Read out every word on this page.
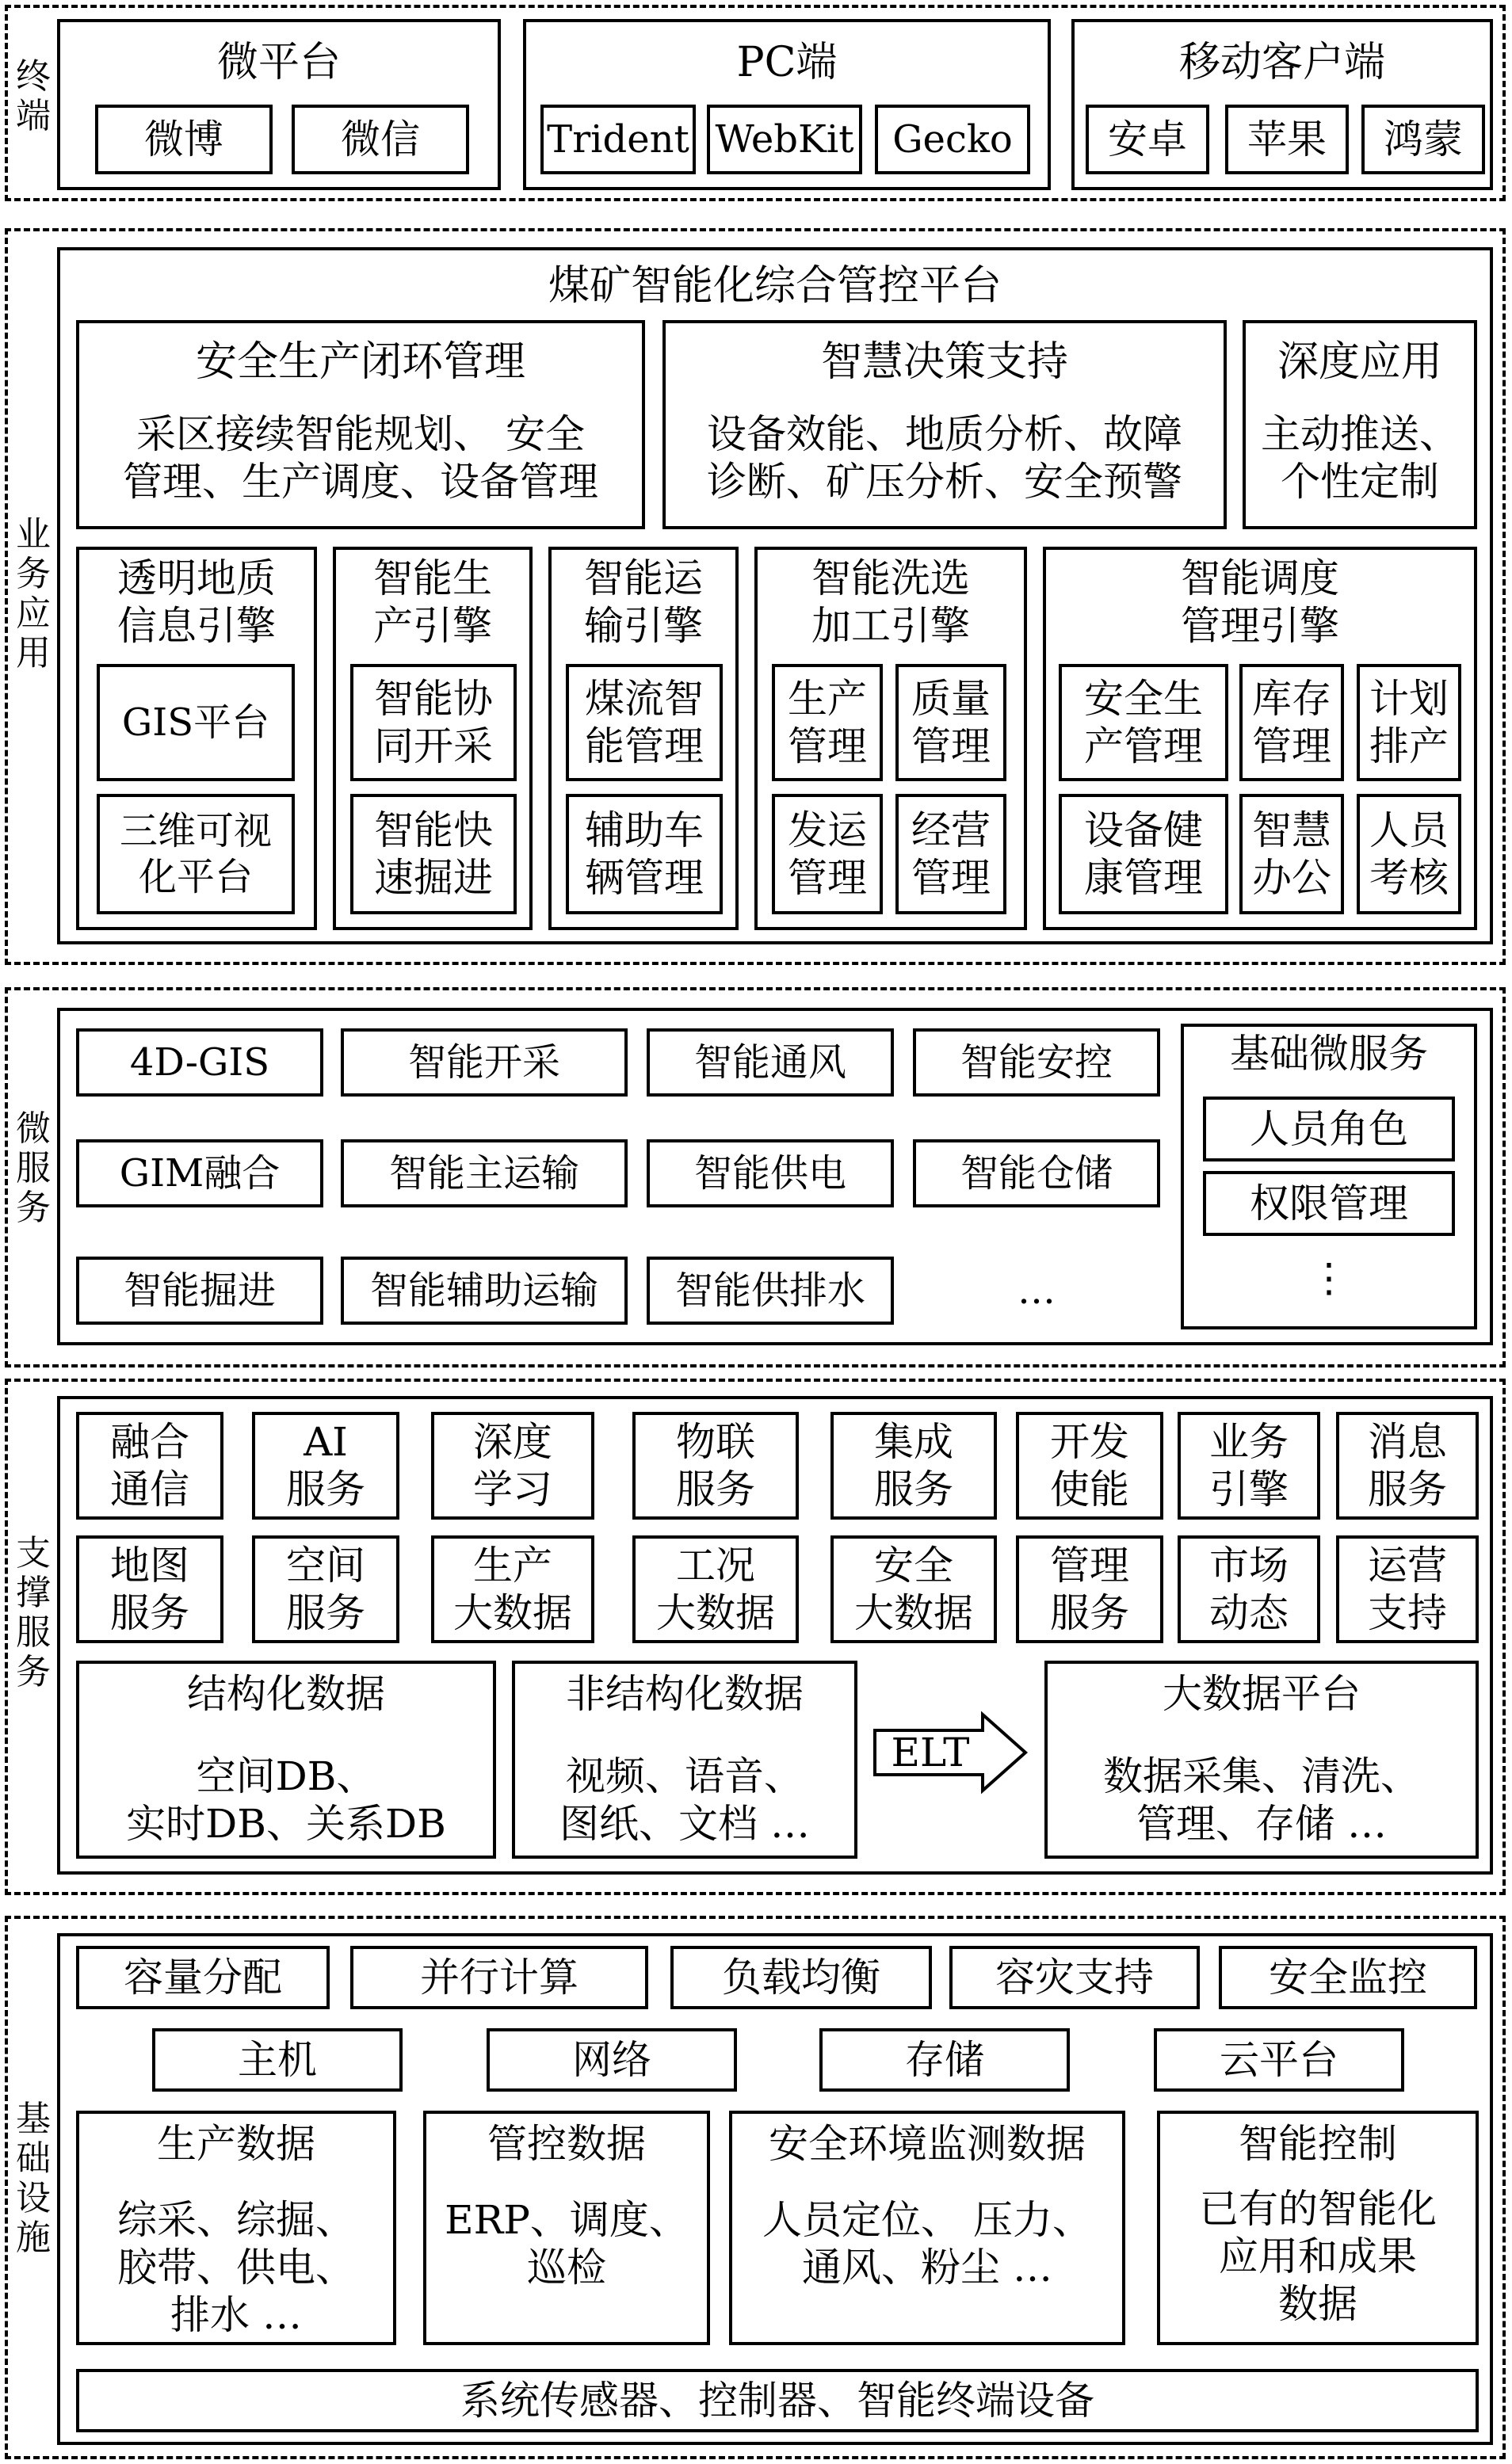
终端
微平台
微博	微信
PC端
Trident WebKit	Gecko
移动客户端
安卓	苹果	鸿蒙
业务应用
煤矿智能化综合管控平台
安全生产闭环管理
采区接续智能规划、 安全
管理、生产调度、设备管理
智慧决策支持
设备效能、地质分析、故障
诊断、矿压分析、安全预警
深度应用
主动推送、
个性定制
透明地质
信息引擎
GIS平台
三维可视
化平台
智能生
产引擎
智能协
同开采
智能快
速掘进
智能运
输引擎
煤流智
能管理
辅助车
辆管理
智能洗选
加工引擎
生产
管理
质量
管理
发运
管理
经营
管理
智能调度
管理引擎
安全生
产管理
库存
管理
计划
排产
设备健
康管理
智慧
办公
人员
考核
微服务
4D-GIS	智能开采	智能通风	智能安控
GIM融合	智能主运输	智能供电	智能仓储
智能掘进	智能辅助运输	智能供排水	…
基础微服务
人员角色
权限管理
⋮
支撑服务
融合
通信
AI
服务
深度
学习
物联
服务
集成
服务
开发
使能
业务
引擎
消息
服务
地图
服务
空间
服务
生产
大数据
工况
大数据
安全
大数据
管理
服务
市场
动态
运营
支持
结构化数据
空间DB、
实时DB、关系DB
非结构化数据
视频、语音、
图纸、文档 …
ELT
大数据平台
数据采集、清洗、
管理、存储 …
基础设施
容量分配	并行计算	负载均衡	容灾支持	安全监控
主机	网络	存储	云平台
生产数据
综采、综掘、
胶带、供电、
排水 …
管控数据
ERP、调度、
巡检
安全环境监测数据
人员定位、 压力、
通风、粉尘 …
智能控制
已有的智能化
应用和成果
数据
系统传感器、控制器、智能终端设备
